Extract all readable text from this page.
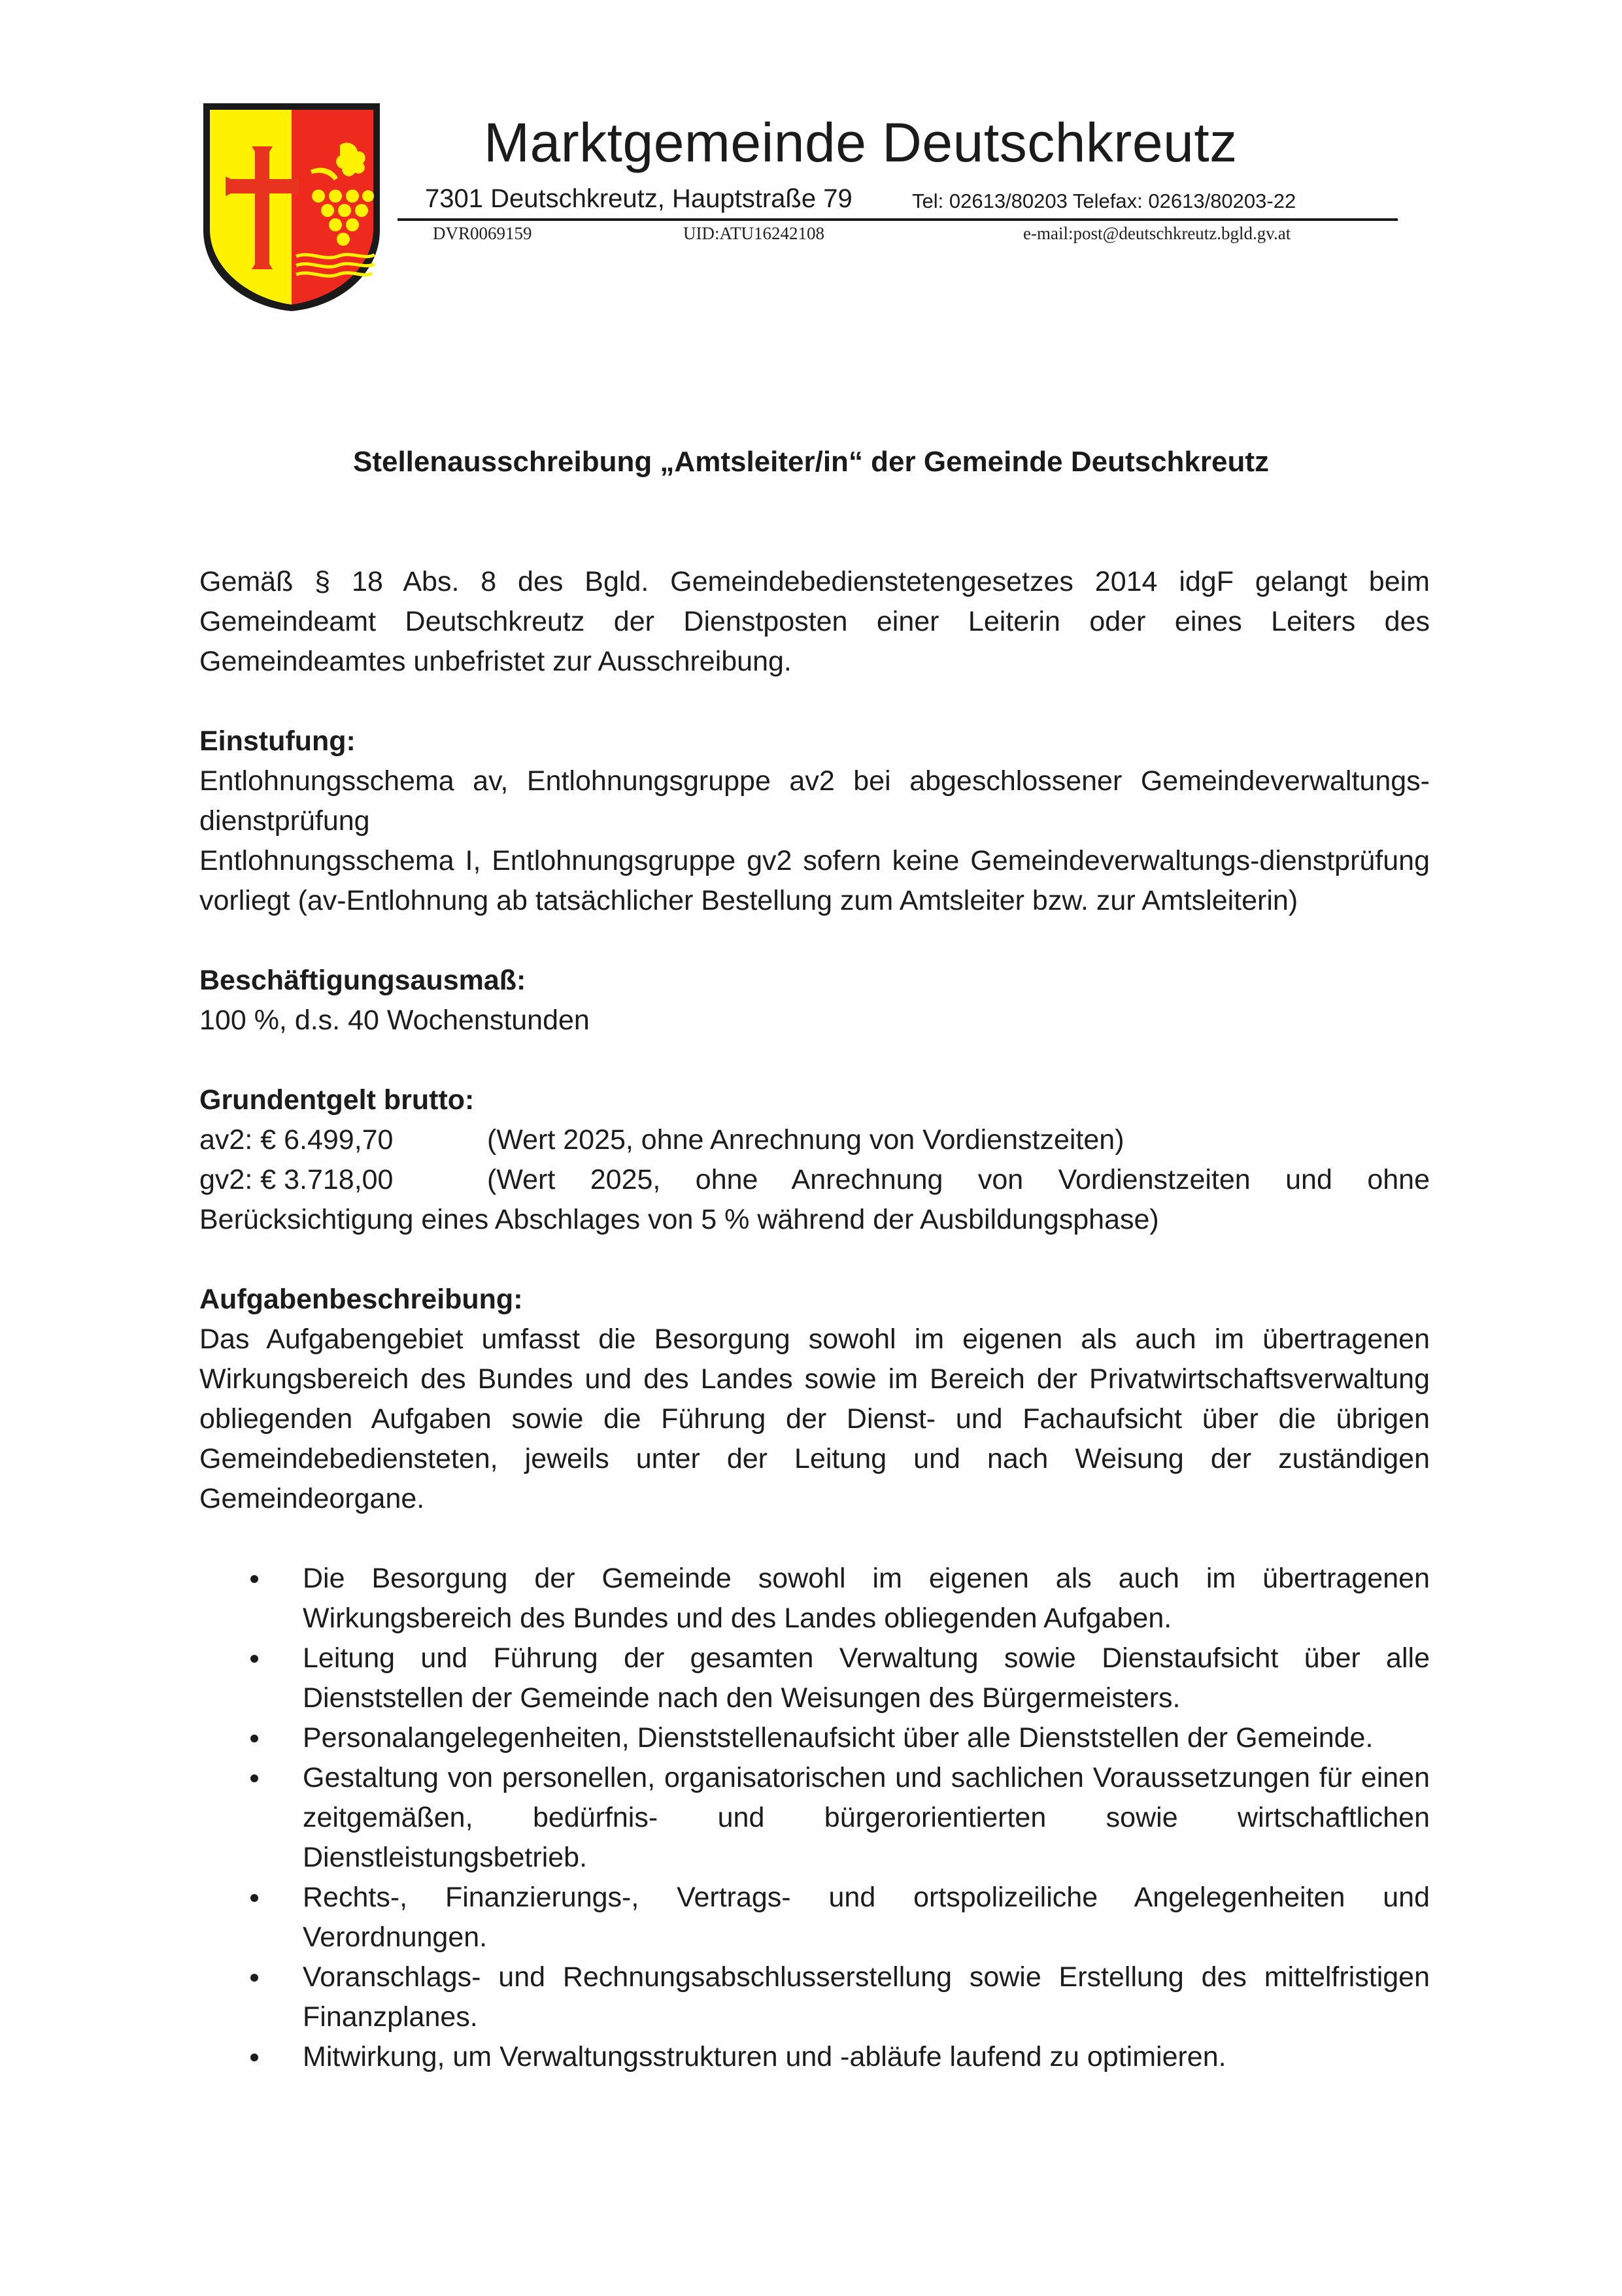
Marktgemeinde Deutschkreutz
7301 Deutschkreutz, Hauptstraße 79	Tel: 02613/80203 Telefax: 02613/80203-22
DVR0069159	UID:ATU16242108	e-mail:post@deutschkreutz.bgld.gv.at
Stellenausschreibung „Amtsleiter/in“ der Gemeinde Deutschkreutz

Gemäß § 18 Abs. 8 des Bgld. Gemeindebedienstetengesetzes 2014 idgF gelangt beim Gemeindeamt Deutschkreutz der Dienstposten einer Leiterin oder eines Leiters des Gemeindeamtes unbefristet zur Ausschreibung.

Einstufung:

Entlohnungsschema av, Entlohnungsgruppe av2 bei abgeschlossener Gemeindeverwaltungs-dienstprüfung

Entlohnungsschema I, Entlohnungsgruppe gv2 sofern keine Gemeindeverwaltungs-dienstprüfung vorliegt (av-Entlohnung ab tatsächlicher Bestellung zum Amtsleiter bzw. zur Amtsleiterin)

Beschäftigungsausmaß:

100 %, d.s. 40 Wochenstunden

Grundentgelt brutto:

av2: € 6.499,70	(Wert 2025, ohne Anrechnung von Vordienstzeiten)
gv2: € 3.718,00	(Wert 2025, ohne Anrechnung von Vordienstzeiten und ohne

Berücksichtigung eines Abschlages von 5 % während der Ausbildungsphase)

Aufgabenbeschreibung:

Das Aufgabengebiet umfasst die Besorgung sowohl im eigenen als auch im übertragenen Wirkungsbereich des Bundes und des Landes sowie im Bereich der Privatwirtschaftsverwaltung obliegenden Aufgaben sowie die Führung der Dienst- und Fachaufsicht über die übrigen Gemeindebediensteten, jeweils unter der Leitung und nach Weisung der zuständigen Gemeindeorgane.

Die Besorgung der Gemeinde sowohl im eigenen als auch im übertragenen Wirkungsbereich des Bundes und des Landes obliegenden Aufgaben.
Leitung und Führung der gesamten Verwaltung sowie Dienstaufsicht über alle Dienststellen der Gemeinde nach den Weisungen des Bürgermeisters.
Personalangelegenheiten, Dienststellenaufsicht über alle Dienststellen der Gemeinde.
Gestaltung von personellen, organisatorischen und sachlichen Voraussetzungen für einen zeitgemäßen, bedürfnis- und bürgerorientierten sowie wirtschaftlichen Dienstleistungsbetrieb.
Rechts-, Finanzierungs-, Vertrags- und ortspolizeiliche Angelegenheiten und Verordnungen.
Voranschlags- und Rechnungsabschlusserstellung sowie Erstellung des mittelfristigen Finanzplanes.
Mitwirkung, um Verwaltungsstrukturen und -abläufe laufend zu optimieren.
